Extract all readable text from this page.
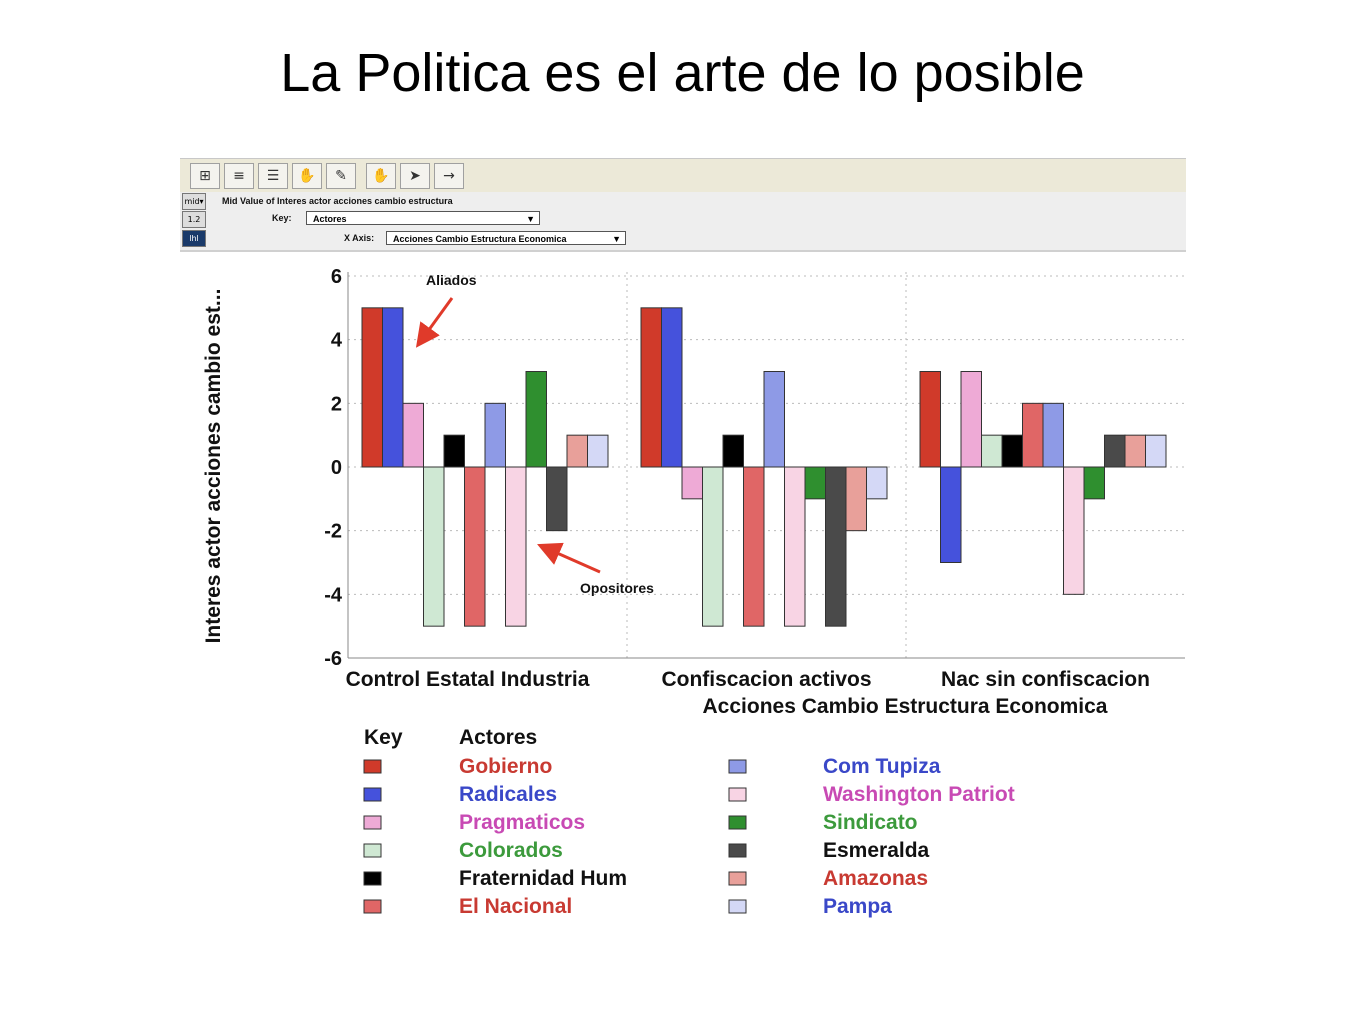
La Politica es el arte de lo posible
⊞	≡	☰	✋	✎	✋	➤	→
mid▾
1.2
lhl
Mid Value of Interes actor acciones cambio estructura
Key:	Actores	▼
X Axis:	Acciones Cambio Estructura Economica	▼
6
4
2
0
-2
-4
-6
Control Estatal Industria	Confiscacion activos	Nac sin confiscacion
Interes actor acciones cambio est...
Acciones Cambio Estructura Economica
Aliados
Opositores
Key	Actores
Gobierno
Radicales
Pragmaticos
Colorados
Fraternidad Hum
El Nacional
Com Tupiza
Washington Patriot
Sindicato
Esmeralda
Amazonas
Pampa
